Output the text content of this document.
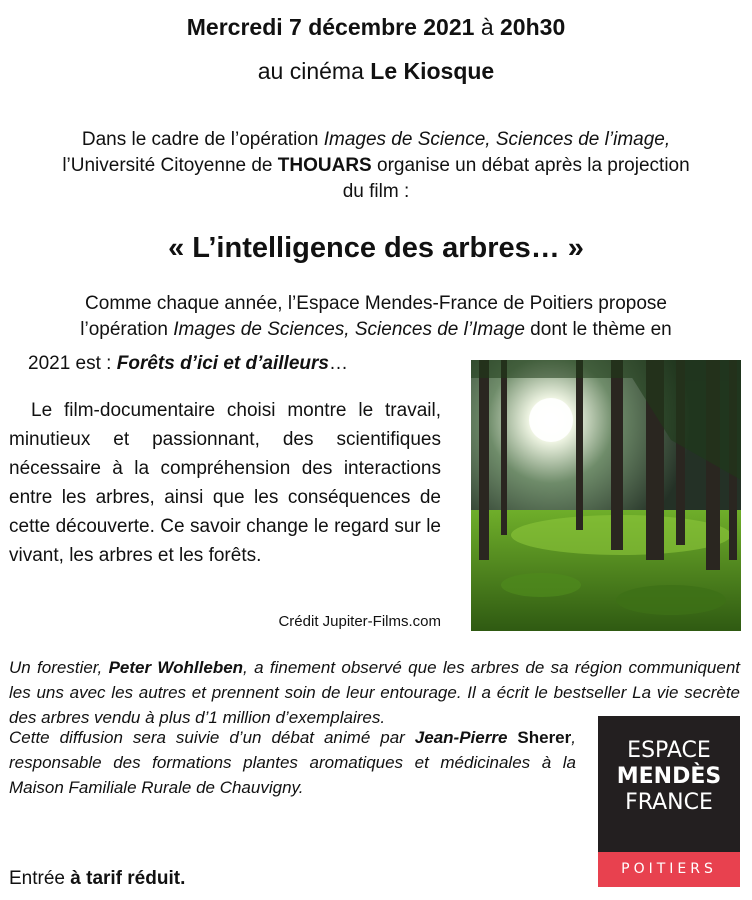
Mercredi 7 décembre 2021 à 20h30
au cinéma Le Kiosque
Dans le cadre de l’opération Images de Science, Sciences de l’image,
l’Université Citoyenne de THOUARS organise un débat après la projection
du film :
« L’intelligence des arbres… »
Comme chaque année, l’Espace Mendes-France de Poitiers propose
l’opération Images de Sciences, Sciences de l’Image dont le thème en
2021 est : Forêts d’ici et d’ailleurs…
Le film-documentaire choisi montre le travail, minutieux et passionnant, des scientifiques nécessaire à la compréhension des interactions entre les arbres, ainsi que les conséquences de cette découverte. Ce savoir change le regard sur le vivant, les arbres et les forêts.
Crédit Jupiter-Films.com
Un forestier, Peter Wohlleben, a finement observé que les arbres de sa région communiquent les uns avec les autres et prennent soin de leur entourage. Il a écrit le bestseller La vie secrète des arbres vendu à plus d’1 million d’exemplaires.
Cette diffusion sera suivie d’un débat animé par Jean-Pierre Sherer, responsable des formations plantes aromatiques et médicinales à la Maison Familiale Rurale de Chauvigny.
Entrée à tarif réduit.
ESPACE
MENDÈS
FRANCE
POITIERS
